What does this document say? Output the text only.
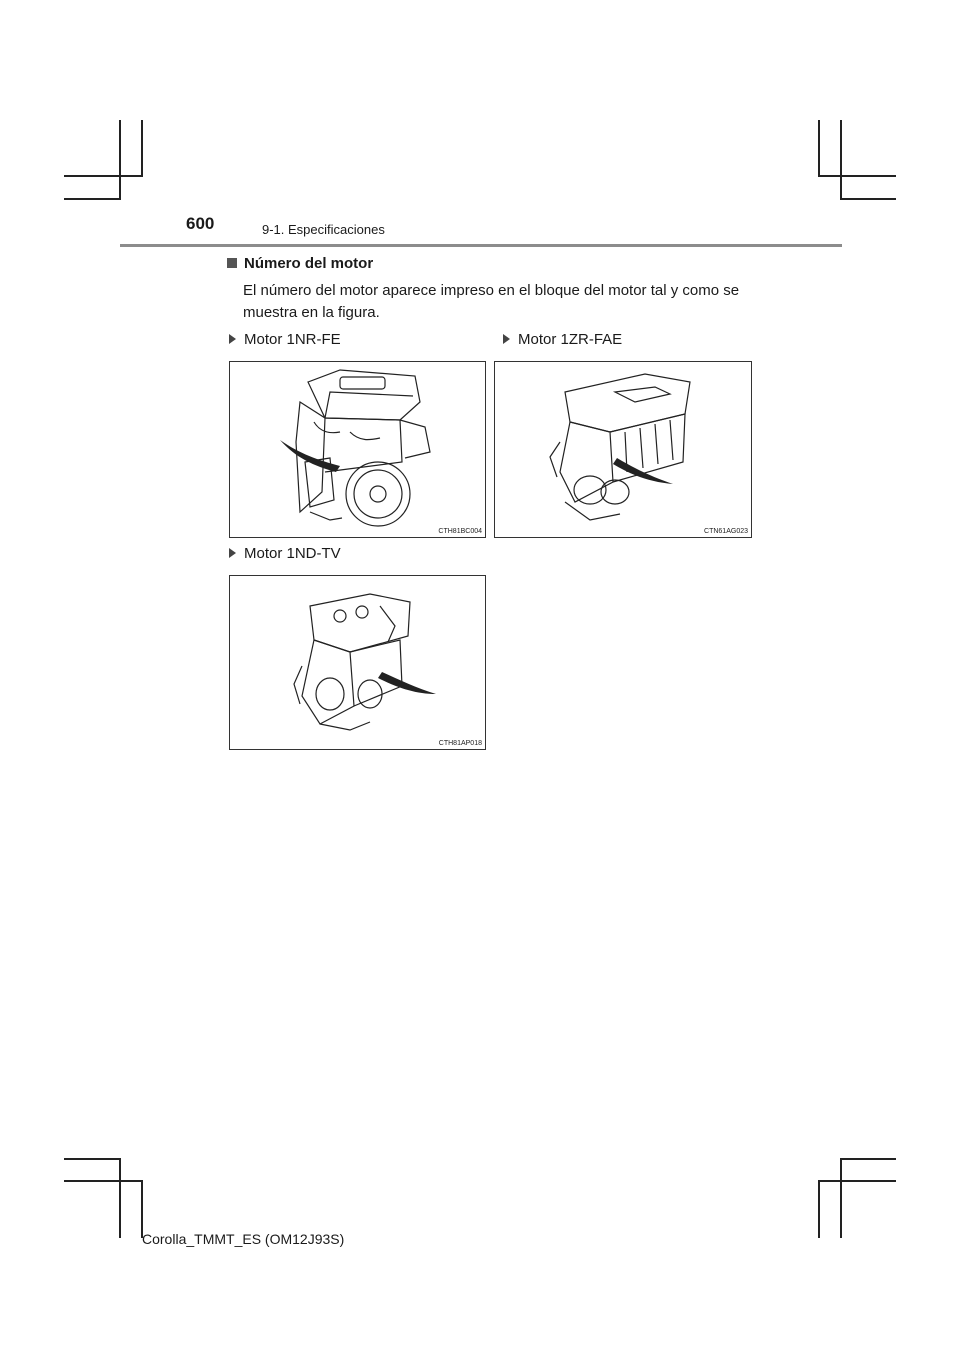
600	9-1. Especificaciones
Número del motor
El número del motor aparece impreso en el bloque del motor tal y como se muestra en la figura.
Motor 1NR-FE	Motor 1ZR-FAE
Motor 1ND-TV
CTH81BC004	CTN61AG023
CTH81AP018
Corolla_TMMT_ES (OM12J93S)
